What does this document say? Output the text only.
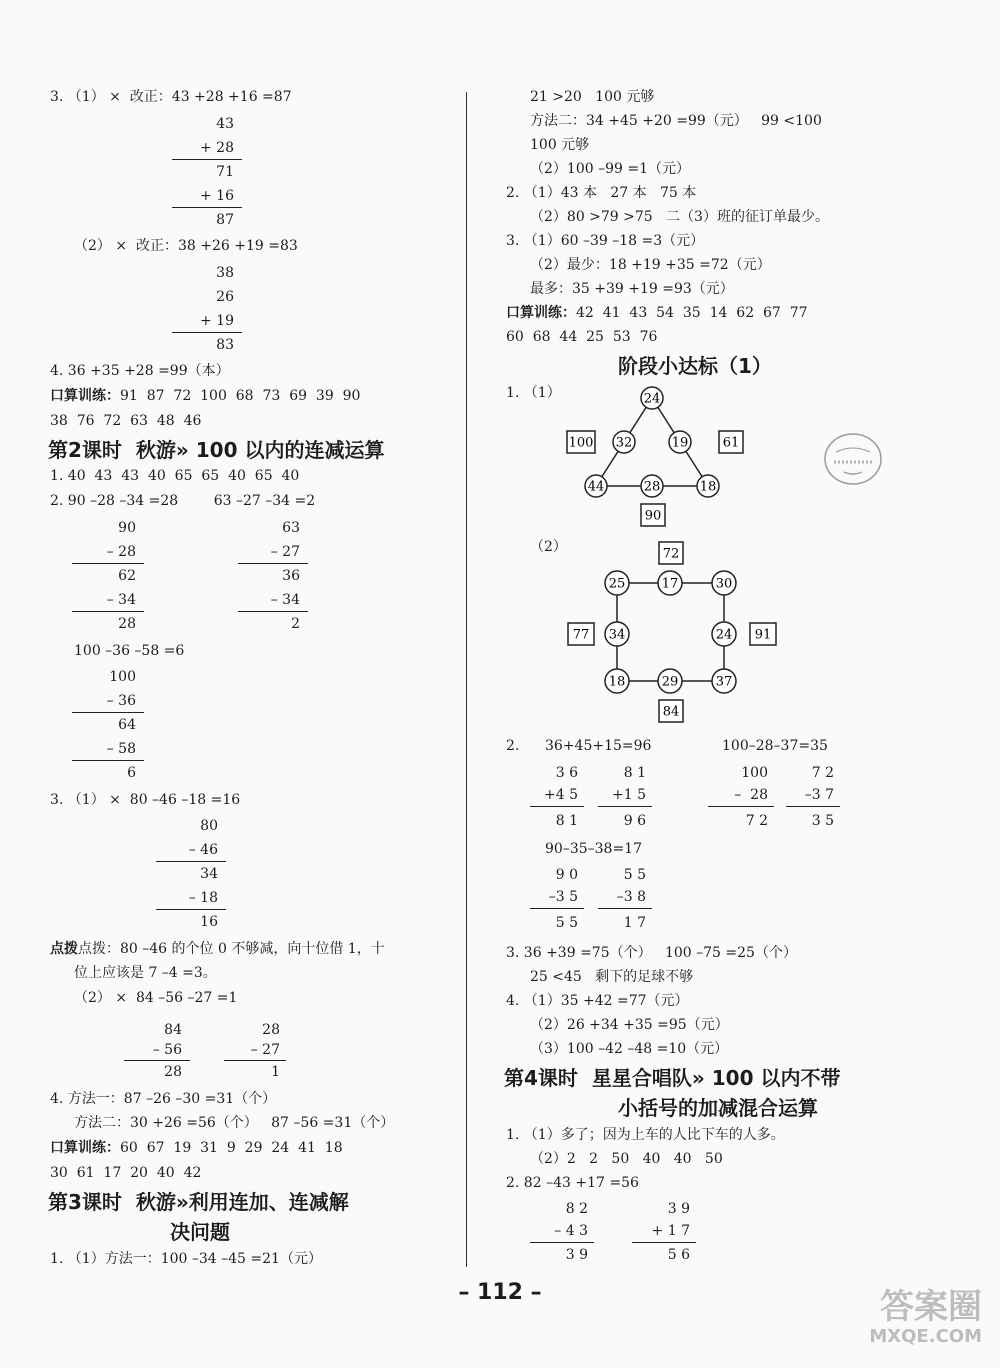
3. （1） ×  改正：43 +28 +16 =87
43
+ 28
71
+ 16
87
（2） ×  改正：38 +26 +19 =83
38
26
+ 19
83
4. 36 +35 +28 =99（本）
口算训练：91  87  72  100  68  73  69  39  90
38  76  72  63  48  46
第2课时 秋游» 100 以内的连减运算
1. 40  43  43  40  65  65  40  65  40
2. 90 –28 –34 =28        63 –27 –34 =2
90
– 28
62
– 34
28
63
– 27
36
– 34
2
100 –36 –58 =6
100
– 36
64
– 58
6
3. （1） ×  80 –46 –18 =16
80
– 46
34
– 18
16
点拨点拨：80 –46 的个位 0 不够减，向十位借 1，十
位上应该是 7 –4 =3。
（2） ×  84 –56 –27 =1
84
– 56
28
28
– 27
1
4. 方法一：87 –26 –30 =31（个）
方法二：30 +26 =56（个）   87 –56 =31（个）
口算训练：60  67  19  31  9  29  24  41  18
30  61  17  20  40  42
第3课时 秋游»利用连加、连减解
决问题
1. （1）方法一：100 –34 –45 =21（元）
21 >20   100 元够
方法二：34 +45 +20 =99（元）   99 <100
100 元够
（2）100 –99 =1（元）
2. （1）43 本   27 本   75 本
（2）80 >79 >75   二（3）班的征订单最少。
3. （1）60 –39 –18 =3（元）
（2）最少：18 +19 +35 =72（元）
最多：35 +39 +19 =93（元）
口算训练：42  41  43  54  35  14  62  67  77
60  68  44  25  53  76
阶段小达标（1）
1. （1）	24
32	19
44	28	18
100	61
90
（2）	72
25	17	30
34	24
18	29	37
77	91
84
2. 36+45+15=96	100–28–37=35
3 6
+4 5
8 1
8 1
+1 5
9 6
100
–  28
7 2
7 2
–3 7
3 5
90–35–38=17
9 0
–3 5
5 5
5 5
–3 8
1 7
3. 36 +39 =75（个）   100 –75 =25（个）
25 <45   剩下的足球不够
4. （1）35 +42 =77（元）
（2）26 +34 +35 =95（元）
（3）100 –42 –48 =10（元）
第4课时 星星合唱队» 100 以内不带
小括号的加减混合运算
1. （1）多了；因为上车的人比下车的人多。
（2）2   2   50   40   40   50
2. 82 –43 +17 =56
8 2
– 4 3
3 9
3 9
+ 1 7
5 6
– 112 –	答案圈
MXQE.COM
